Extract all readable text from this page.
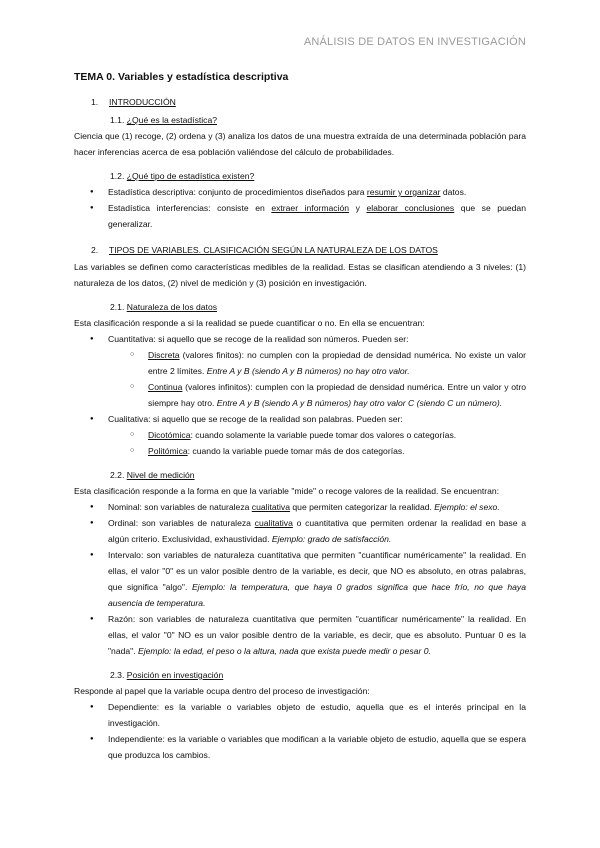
ANÁLISIS DE DATOS EN INVESTIGACIÓN
TEMA 0. Variables y estadística descriptiva
1. INTRODUCCIÓN
1.1. ¿Qué es la estadística?

Ciencia que (1) recoge, (2) ordena y (3) analiza los datos de una muestra extraída de una determinada población para hacer inferencias acerca de esa población valiéndose del cálculo de probabilidades.

1.2. ¿Qué tipo de estadística existen?

● Estadística descriptiva: conjunto de procedimientos diseñados para resumir y organizar datos.

● Estadística interferencias: consiste en extraer información y elaborar conclusiones que se puedan generalizar.

2. TIPOS DE VARIABLES. CLASIFICACIÓN SEGÚN LA NATURALEZA DE LOS DATOS

Las variables se definen como características medibles de la realidad. Estas se clasifican atendiendo a 3 niveles: (1) naturaleza de los datos, (2) nivel de medición y (3) posición en investigación.

2.1. Naturaleza de los datos

Esta clasificación responde a si la realidad se puede cuantificar o no. En ella se encuentran:

● Cuantitativa: si aquello que se recoge de la realidad son números. Pueden ser:

○ Discreta (valores finitos): no cumplen con la propiedad de densidad numérica. No existe un valor entre 2 límites. Entre A y B (siendo A y B números) no hay otro valor.

○ Continua (valores infinitos): cumplen con la propiedad de densidad numérica. Entre un valor y otro siempre hay otro. Entre A y B (siendo A y B números) hay otro valor C (siendo C un número).

● Cualitativa: si aquello que se recoge de la realidad son palabras. Pueden ser:

○ Dicotómica: cuando solamente la variable puede tomar dos valores o categorías.

○ Politómica: cuando la variable puede tomar más de dos categorías.

2.2. Nivel de medición

Esta clasificación responde a la forma en que la variable "mide" o recoge valores de la realidad. Se encuentran:

● Nominal: son variables de naturaleza cualitativa que permiten categorizar la realidad. Ejemplo: el sexo.

● Ordinal: son variables de naturaleza cualitativa o cuantitativa que permiten ordenar la realidad en base a algún criterio. Exclusividad, exhaustividad. Ejemplo: grado de satisfacción.

● Intervalo: son variables de naturaleza cuantitativa que permiten "cuantificar numéricamente" la realidad. En ellas, el valor "0" es un valor posible dentro de la variable, es decir, que NO es absoluto, en otras palabras, que significa "algo". Ejemplo: la temperatura, que haya 0 grados significa que hace frío, no que haya ausencia de temperatura.

● Razón: son variables de naturaleza cuantitativa que permiten "cuantificar numéricamente" la realidad. En ellas, el valor "0" NO es un valor posible dentro de la variable, es decir, que es absoluto. Puntuar 0 es la "nada". Ejemplo: la edad, el peso o la altura, nada que exista puede medir o pesar 0.

2.3. Posición en investigación

Responde al papel que la variable ocupa dentro del proceso de investigación:

● Dependiente: es la variable o variables objeto de estudio, aquella que es el interés principal en la investigación.

● Independiente: es la variable o variables que modifican a la variable objeto de estudio, aquella que se espera que produzca los cambios.
